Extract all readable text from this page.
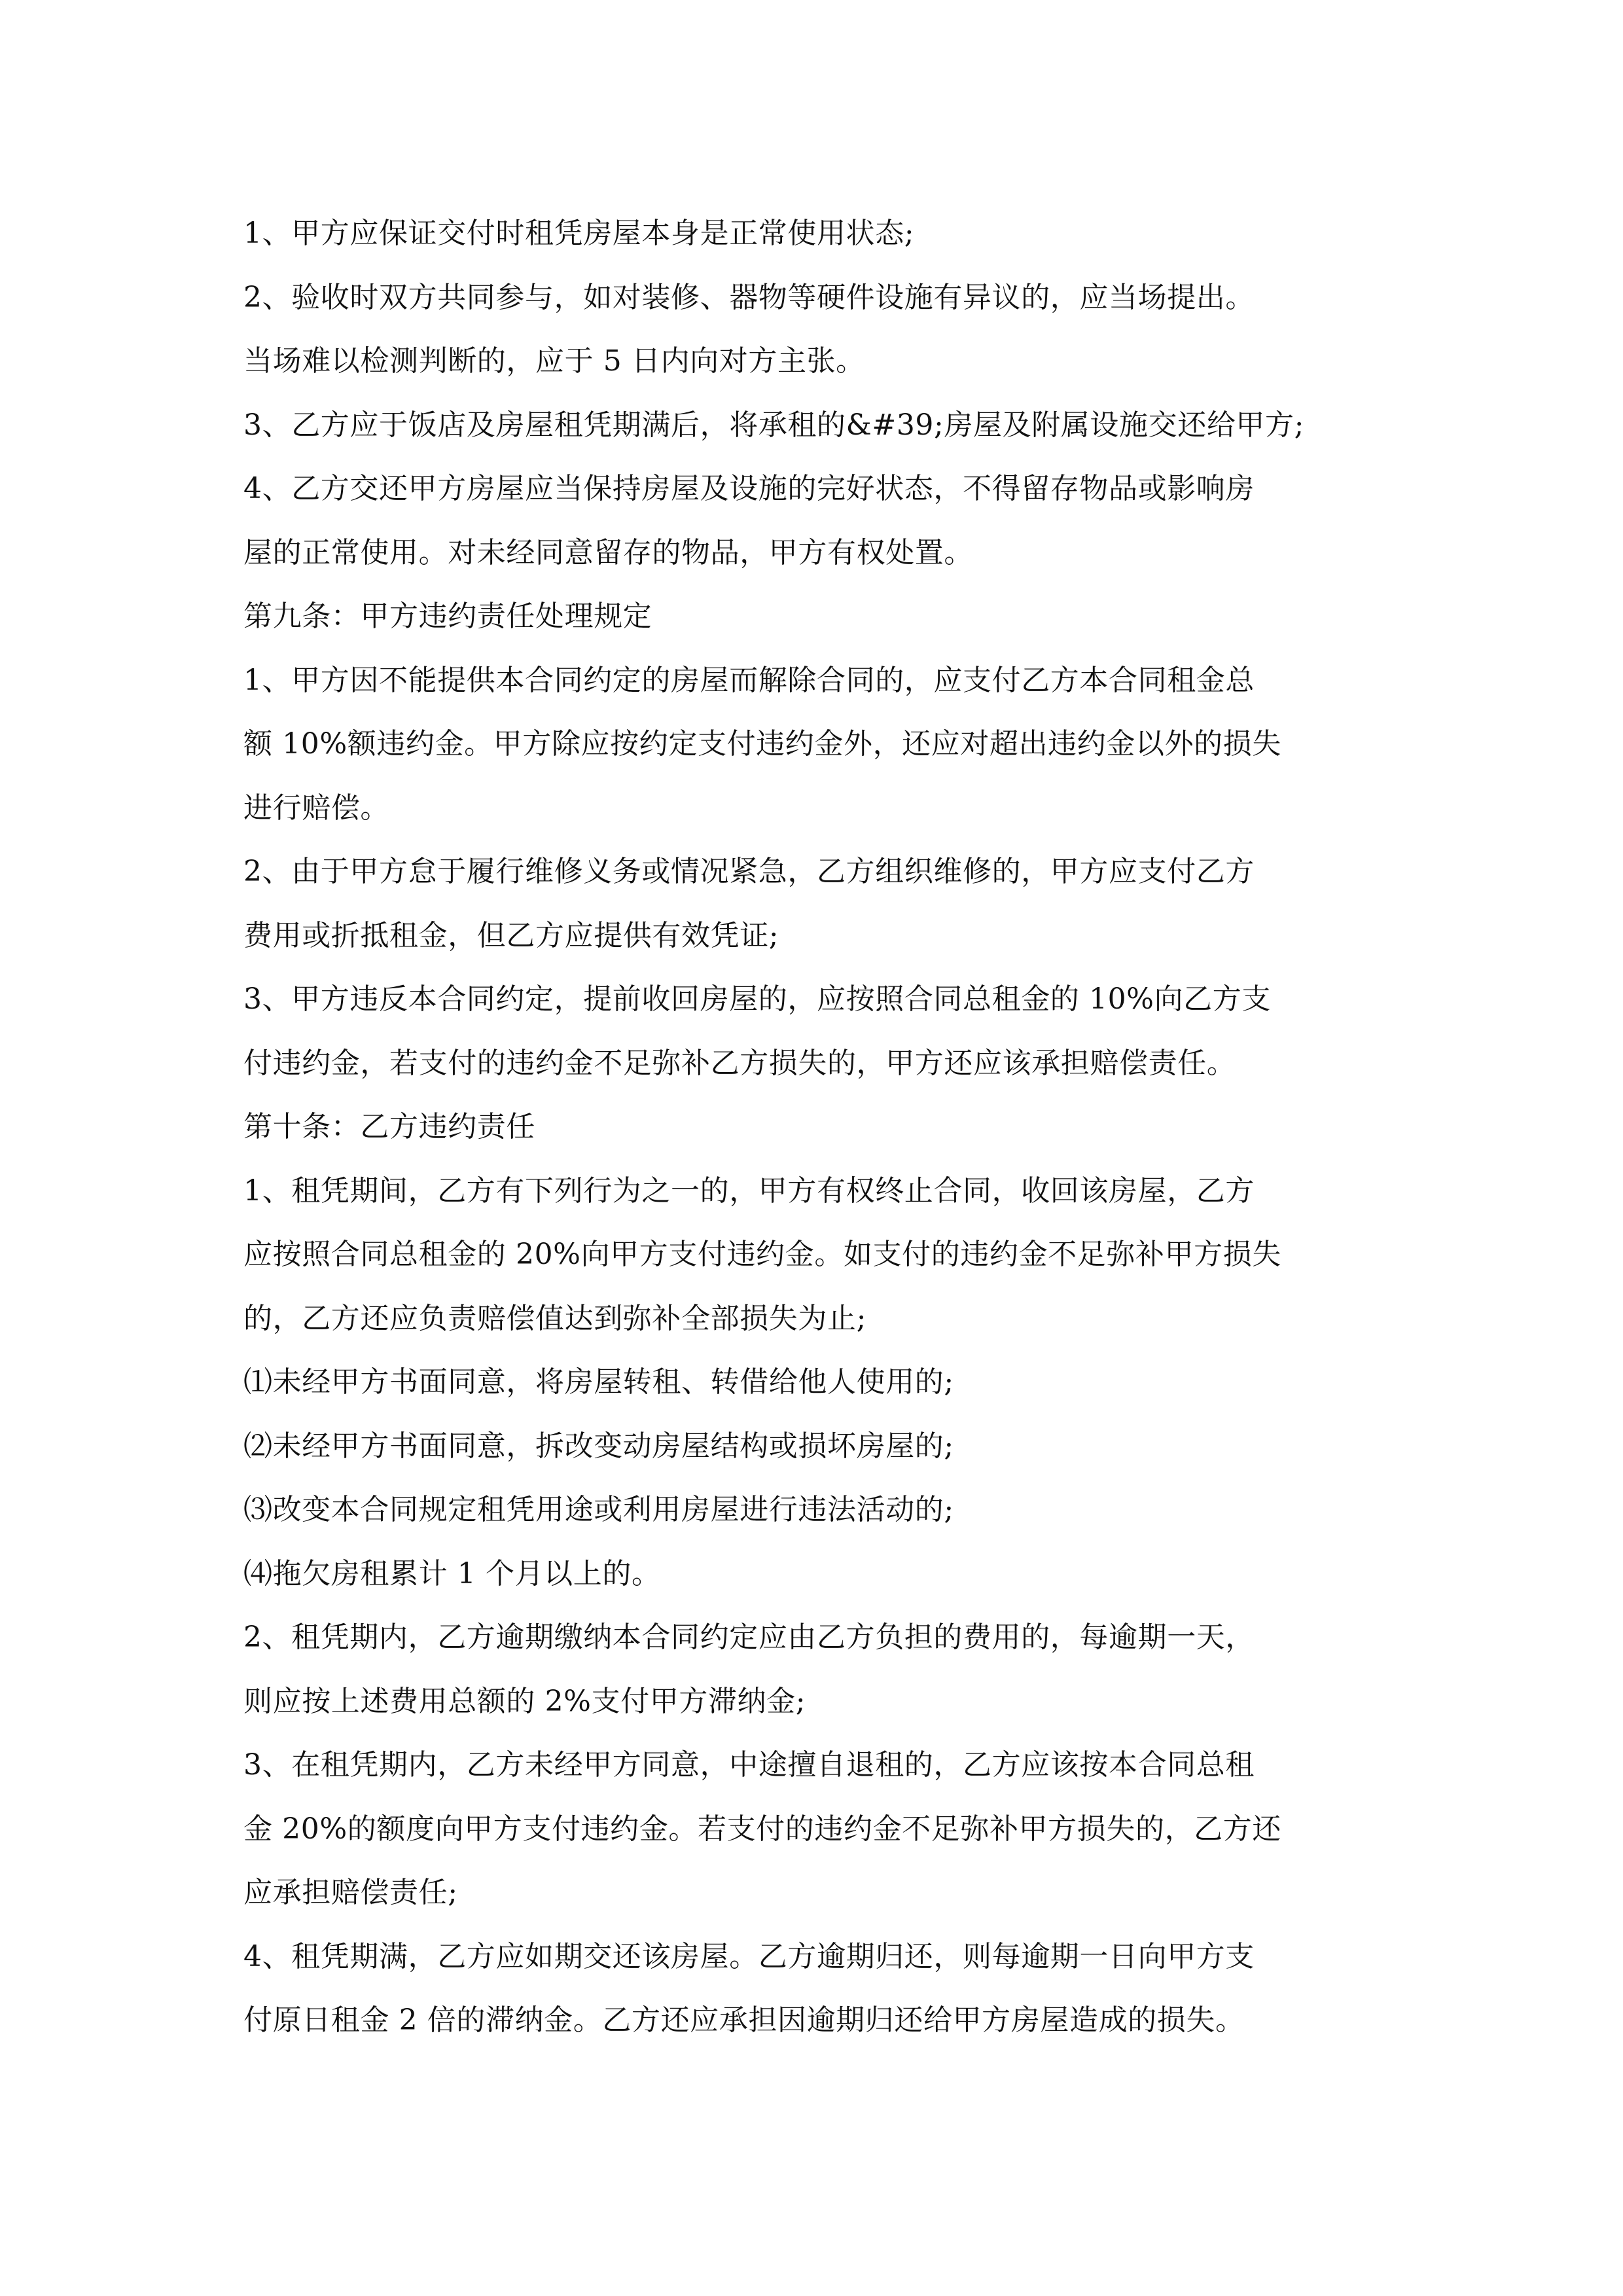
1、甲方应保证交付时租凭房屋本身是正常使用状态;
2、验收时双方共同参与，如对装修、器物等硬件设施有异议的，应当场提出。
当场难以检测判断的，应于 5 日内向对方主张。
3、乙方应于饭店及房屋租凭期满后，将承租的&#39;房屋及附属设施交还给甲方;
4、乙方交还甲方房屋应当保持房屋及设施的完好状态，不得留存物品或影响房
屋的正常使用。对未经同意留存的物品，甲方有权处置。
第九条：甲方违约责任处理规定
1、甲方因不能提供本合同约定的房屋而解除合同的，应支付乙方本合同租金总
额 10%额违约金。甲方除应按约定支付违约金外，还应对超出违约金以外的损失
进行赔偿。
2、由于甲方怠于履行维修义务或情况紧急，乙方组织维修的，甲方应支付乙方
费用或折抵租金，但乙方应提供有效凭证;
3、甲方违反本合同约定，提前收回房屋的，应按照合同总租金的 10%向乙方支
付违约金，若支付的违约金不足弥补乙方损失的，甲方还应该承担赔偿责任。
第十条：乙方违约责任
1、租凭期间，乙方有下列行为之一的，甲方有权终止合同，收回该房屋，乙方
应按照合同总租金的 20%向甲方支付违约金。如支付的违约金不足弥补甲方损失
的，乙方还应负责赔偿值达到弥补全部损失为止;
⑴未经甲方书面同意，将房屋转租、转借给他人使用的;
⑵未经甲方书面同意，拆改变动房屋结构或损坏房屋的;
⑶改变本合同规定租凭用途或利用房屋进行违法活动的;
⑷拖欠房租累计 1 个月以上的。
2、租凭期内，乙方逾期缴纳本合同约定应由乙方负担的费用的，每逾期一天，
则应按上述费用总额的 2%支付甲方滞纳金;
3、在租凭期内，乙方未经甲方同意，中途擅自退租的，乙方应该按本合同总租
金 20%的额度向甲方支付违约金。若支付的违约金不足弥补甲方损失的，乙方还
应承担赔偿责任;
4、租凭期满，乙方应如期交还该房屋。乙方逾期归还，则每逾期一日向甲方支
付原日租金 2 倍的滞纳金。乙方还应承担因逾期归还给甲方房屋造成的损失。
